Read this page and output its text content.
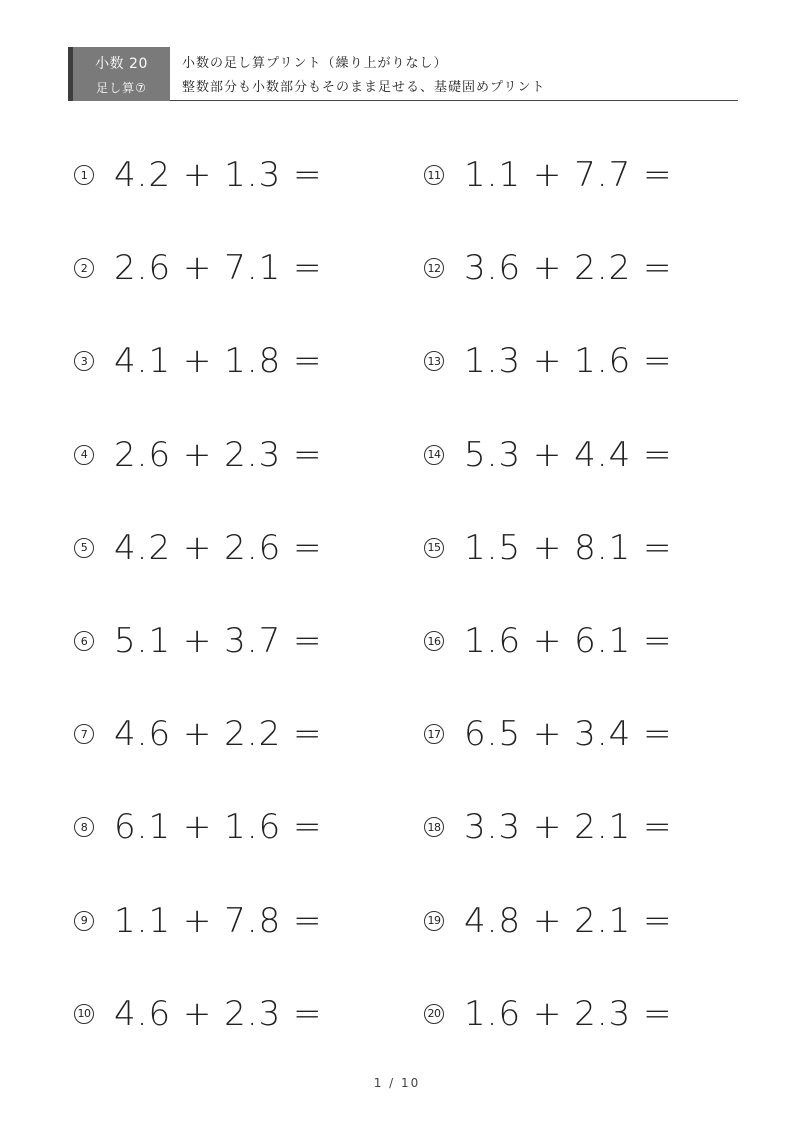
小数 20
足し算⑦
小数の足し算プリント（繰り上がりなし）
整数部分も小数部分もそのまま足せる、基礎固めプリント
1 4.2 + 1.3 =
2 2.6 + 7.1 =
3 4.1 + 1.8 =
4 2.6 + 2.3 =
5 4.2 + 2.6 =
6 5.1 + 3.7 =
7 4.6 + 2.2 =
8 6.1 + 1.6 =
9 1.1 + 7.8 =
10 4.6 + 2.3 =
11 1.1 + 7.7 =
12 3.6 + 2.2 =
13 1.3 + 1.6 =
14 5.3 + 4.4 =
15 1.5 + 8.1 =
16 1.6 + 6.1 =
17 6.5 + 3.4 =
18 3.3 + 2.1 =
19 4.8 + 2.1 =
20 1.6 + 2.3 =
1 / 10
